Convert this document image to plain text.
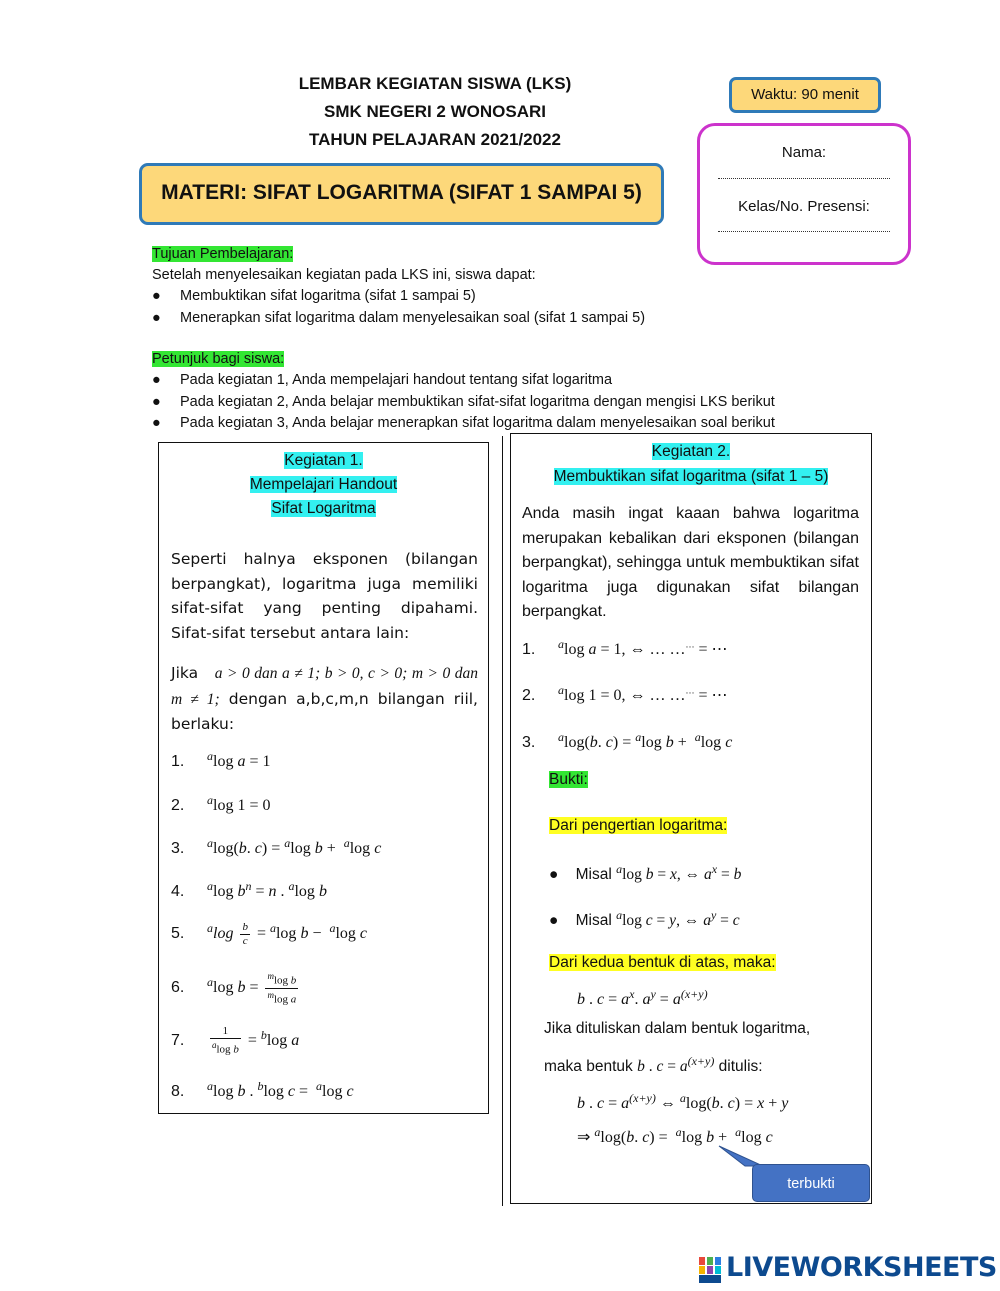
LEMBAR KEGIATAN SISWA (LKS)
SMK NEGERI 2 WONOSARI
TAHUN PELAJARAN 2021/2022
Waktu: 90 menit
Nama:
Kelas/No. Presensi:
MATERI: SIFAT LOGARITMA (SIFAT 1 SAMPAI 5)
Tujuan Pembelajaran:
Setelah menyelesaikan kegiatan pada LKS ini, siswa dapat:
● Membuktikan sifat logaritma (sifat 1 sampai 5)
● Menerapkan sifat logaritma dalam menyelesaikan soal (sifat 1 sampai 5)
Petunjuk bagi siswa:
● Pada kegiatan 1, Anda mempelajari handout tentang sifat logaritma
● Pada kegiatan 2, Anda belajar membuktikan sifat-sifat logaritma dengan mengisi LKS berikut
● Pada kegiatan 3, Anda belajar menerapkan sifat logaritma dalam menyelesaikan soal berikut
Kegiatan 1.
Mempelajari Handout
Sifat Logaritma
Seperti halnya eksponen (bilangan berpangkat), logaritma juga memiliki sifat-sifat yang penting dipahami. Sifat-sifat tersebut antara lain:
Jika a > 0 dan a ≠ 1; b > 0, c > 0; m > 0 dan m ≠ 1; dengan a,b,c,m,n bilangan riil, berlaku:
1. $^a$log a = 1
2. $^a$log 1 = 0
3. $^a$log(b. c) = $^a$log b +  $^a$log c
4. $^a$log $b^n = n$ . $^a$log b
5. $^a\log \frac{b}{c} = ^a\log$ b −  $^a$log c
6. $^a$log $b = \frac{^m\log b}{^m\log a}$
7. $\frac{1}{^a\log b} = ^b\log$ a
8. $^a$log b . $^b$log c =  $^a$log c
Kegiatan 2.
Membuktikan sifat logaritma (sifat 1 – 5)
Anda masih ingat kaaan bahwa logaritma merupakan kebalikan dari eksponen (bilangan berpangkat), sehingga untuk membuktikan sifat logaritma juga digunakan sifat bilangan berpangkat.
1. $^a$log a = 1, ⇔ … …… = ⋯
2. $^a$log 1 = 0, ⇔ … …… = ⋯
3. $^a$log(b. c) = $^a$log b +  $^a$log c
Bukti:
Dari pengertian logaritma:
● Misal $^a$log b = x, ⇔ $a^x = b$
● Misal $^a$log c = y, ⇔ $a^y = c$
Dari kedua bentuk di atas, maka:
b . $c = a^x$. $a^y = a^{(x+y)}$
Jika dituliskan dalam bentuk logaritma,
maka bentuk b . $c = a^{(x+y)}$ ditulis:
b . $c = a^{(x+y)}$ ⇔ $^a$log(b. c) = x + y
⇒ $^a$log(b. c) =  $^a$log b +  $^a$log c
terbukti
LIVEWORKSHEETS
